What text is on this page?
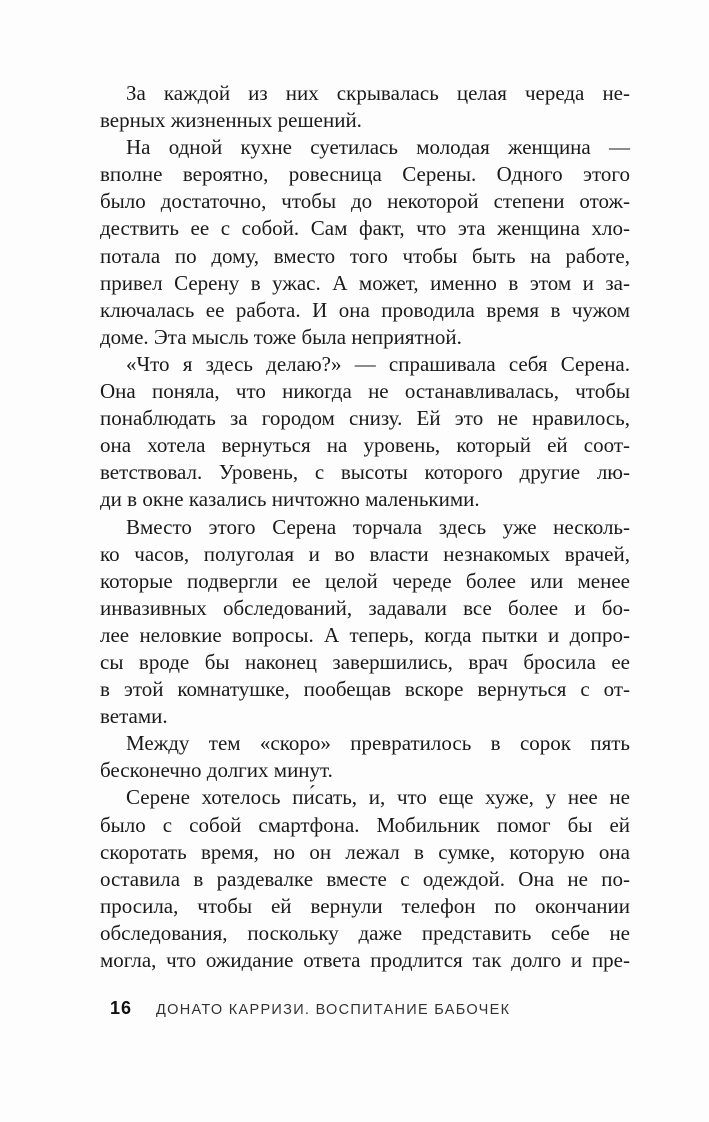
За каждой из них скрывалась целая череда не-
верных жизненных решений.
На одной кухне суетилась молодая женщина —
вполне вероятно, ровесница Серены. Одного этого
было достаточно, чтобы до некоторой степени отож-
дествить ее с собой. Сам факт, что эта женщина хло-
потала по дому, вместо того чтобы быть на работе,
привел Серену в ужас. А может, именно в этом и за-
ключалась ее работа. И она проводила время в чужом
доме. Эта мысль тоже была неприятной.
«Что я здесь делаю?» — спрашивала себя Серена.
Она поняла, что никогда не останавливалась, чтобы
понаблюдать за городом снизу. Ей это не нравилось,
она хотела вернуться на уровень, который ей соот-
ветствовал. Уровень, с высоты которого другие лю-
ди в окне казались ничтожно маленькими.
Вместо этого Серена торчала здесь уже несколь-
ко часов, полуголая и во власти незнакомых врачей,
которые подвергли ее целой череде более или менее
инвазивных обследований, задавали все более и бо-
лее неловкие вопросы. А теперь, когда пытки и допро-
сы вроде бы наконец завершились, врач бросила ее
в этой комнатушке, пообещав вскоре вернуться с от-
ветами.
Между тем «скоро» превратилось в сорок пять
бесконечно долгих минут.
Серене хотелось пи́сать, и, что еще хуже, у нее не
было с собой смартфона. Мобильник помог бы ей
скоротать время, но он лежал в сумке, которую она
оставила в раздевалке вместе с одеждой. Она не по-
просила, чтобы ей вернули телефон по окончании
обследования, поскольку даже представить себе не
могла, что ожидание ответа продлится так долго и пре-
16 ДОНАТО КАРРИЗИ. ВОСПИТАНИЕ БАБОЧЕК
